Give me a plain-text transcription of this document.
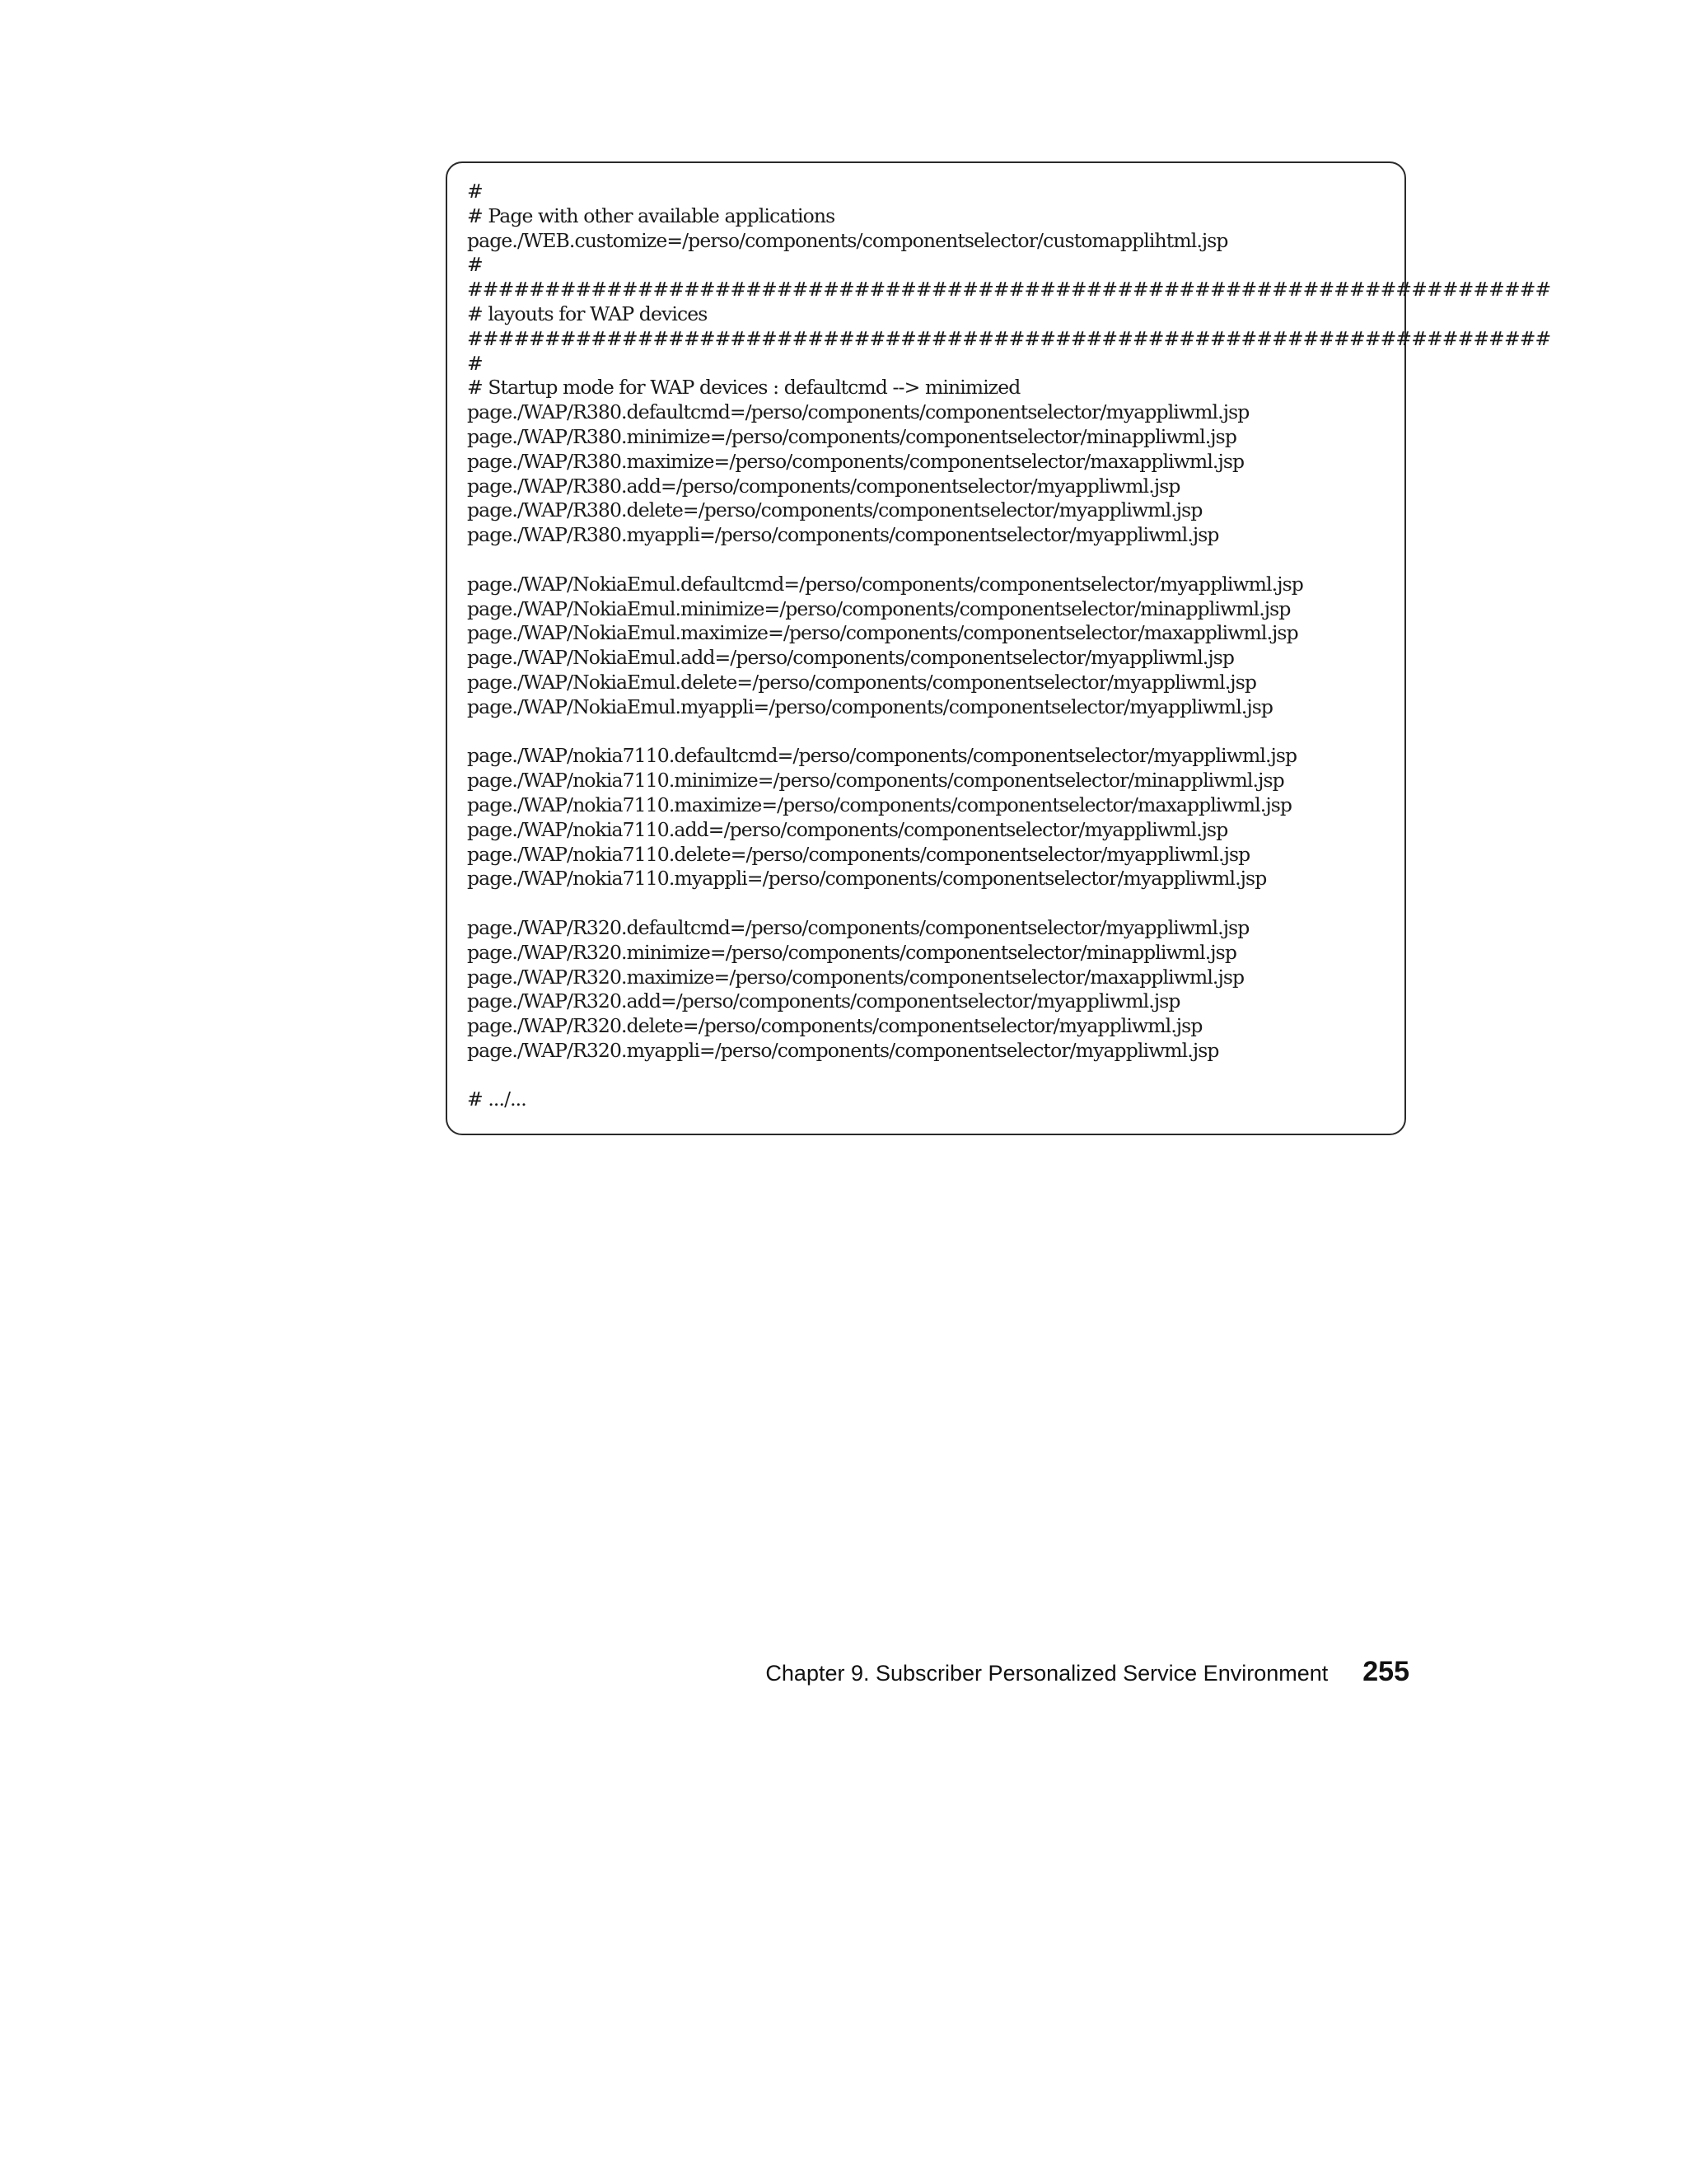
#
# Page with other available applications
page./WEB.customize=/perso/components/componentselector/customapplihtml.jsp
#
######################################################################
# layouts for WAP devices
######################################################################
#
# Startup mode for WAP devices : defaultcmd --> minimized
page./WAP/R380.defaultcmd=/perso/components/componentselector/myappliwml.jsp
page./WAP/R380.minimize=/perso/components/componentselector/minappliwml.jsp
page./WAP/R380.maximize=/perso/components/componentselector/maxappliwml.jsp
page./WAP/R380.add=/perso/components/componentselector/myappliwml.jsp
page./WAP/R380.delete=/perso/components/componentselector/myappliwml.jsp
page./WAP/R380.myappli=/perso/components/componentselector/myappliwml.jsp
page./WAP/NokiaEmul.defaultcmd=/perso/components/componentselector/myappliwml.jsp
page./WAP/NokiaEmul.minimize=/perso/components/componentselector/minappliwml.jsp
page./WAP/NokiaEmul.maximize=/perso/components/componentselector/maxappliwml.jsp
page./WAP/NokiaEmul.add=/perso/components/componentselector/myappliwml.jsp
page./WAP/NokiaEmul.delete=/perso/components/componentselector/myappliwml.jsp
page./WAP/NokiaEmul.myappli=/perso/components/componentselector/myappliwml.jsp
page./WAP/nokia7110.defaultcmd=/perso/components/componentselector/myappliwml.jsp
page./WAP/nokia7110.minimize=/perso/components/componentselector/minappliwml.jsp
page./WAP/nokia7110.maximize=/perso/components/componentselector/maxappliwml.jsp
page./WAP/nokia7110.add=/perso/components/componentselector/myappliwml.jsp
page./WAP/nokia7110.delete=/perso/components/componentselector/myappliwml.jsp
page./WAP/nokia7110.myappli=/perso/components/componentselector/myappliwml.jsp
page./WAP/R320.defaultcmd=/perso/components/componentselector/myappliwml.jsp
page./WAP/R320.minimize=/perso/components/componentselector/minappliwml.jsp
page./WAP/R320.maximize=/perso/components/componentselector/maxappliwml.jsp
page./WAP/R320.add=/perso/components/componentselector/myappliwml.jsp
page./WAP/R320.delete=/perso/components/componentselector/myappliwml.jsp
page./WAP/R320.myappli=/perso/components/componentselector/myappliwml.jsp
# .../...
Chapter 9. Subscriber Personalized Service Environment 255
